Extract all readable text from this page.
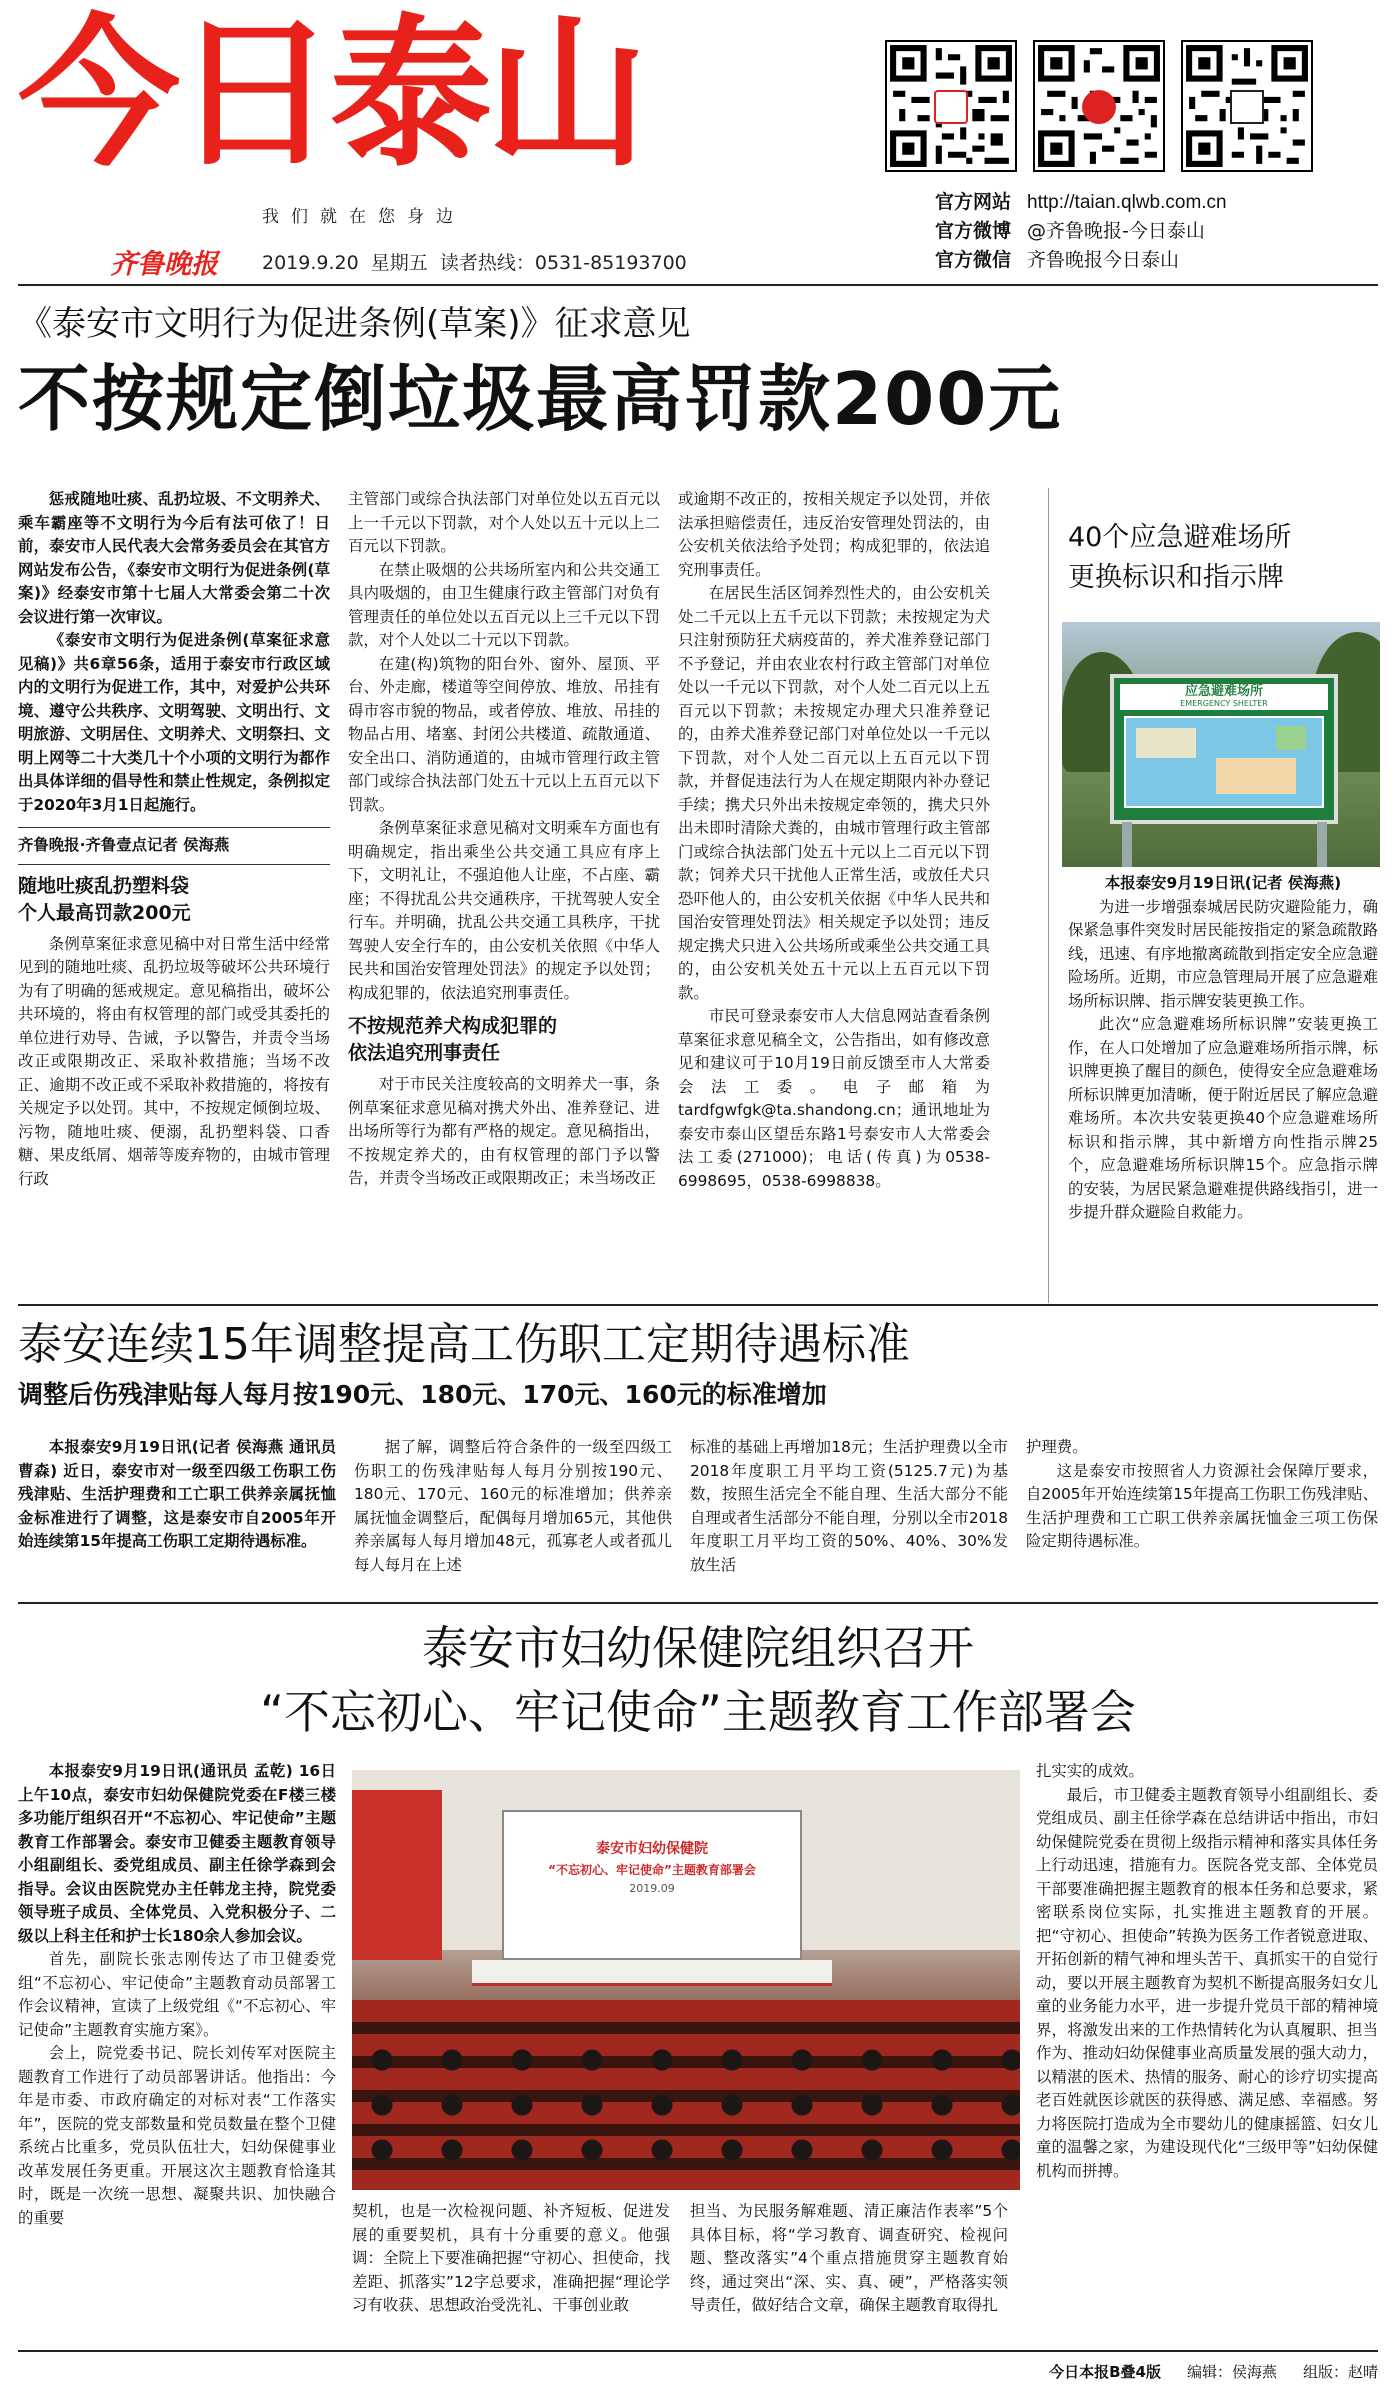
今日泰山
我们就在您身边
齐鲁晚报	2019.9.20  星期五  读者热线：0531-85193700
官方网站 http://taian.qlwb.com.cn
官方微博 @齐鲁晚报-今日泰山
官方微信 齐鲁晚报今日泰山
《泰安市文明行为促进条例(草案)》征求意见
不按规定倒垃圾最高罚款200元

惩戒随地吐痰、乱扔垃圾、不文明养犬、乘车霸座等不文明行为今后有法可依了！日前，泰安市人民代表大会常务委员会在其官方网站发布公告，《泰安市文明行为促进条例(草案)》经泰安市第十七届人大常委会第二十次会议进行第一次审议。

《泰安市文明行为促进条例(草案征求意见稿)》共6章56条，适用于泰安市行政区域内的文明行为促进工作，其中，对爱护公共环境、遵守公共秩序、文明驾驶、文明出行、文明旅游、文明居住、文明养犬、文明祭扫、文明上网等二十大类几十个小项的文明行为都作出具体详细的倡导性和禁止性规定，条例拟定于2020年3月1日起施行。

齐鲁晚报·齐鲁壹点记者 侯海燕

随地吐痰乱扔塑料袋
个人最高罚款200元

条例草案征求意见稿中对日常生活中经常见到的随地吐痰、乱扔垃圾等破坏公共环境行为有了明确的惩戒规定。意见稿指出，破坏公共环境的，将由有权管理的部门或受其委托的单位进行劝导、告诫，予以警告，并责令当场改正或限期改正、采取补救措施；当场不改正、逾期不改正或不采取补救措施的，将按有关规定予以处罚。其中，不按规定倾倒垃圾、污物，随地吐痰、便溺，乱扔塑料袋、口香糖、果皮纸屑、烟蒂等废弃物的，由城市管理行政

主管部门或综合执法部门对单位处以五百元以上一千元以下罚款，对个人处以五十元以上二百元以下罚款。

在禁止吸烟的公共场所室内和公共交通工具内吸烟的，由卫生健康行政主管部门对负有管理责任的单位处以五百元以上三千元以下罚款，对个人处以二十元以下罚款。

在建(构)筑物的阳台外、窗外、屋顶、平台、外走廊，楼道等空间停放、堆放、吊挂有碍市容市貌的物品，或者停放、堆放、吊挂的物品占用、堵塞、封闭公共楼道、疏散通道、安全出口、消防通道的，由城市管理行政主管部门或综合执法部门处五十元以上五百元以下罚款。

条例草案征求意见稿对文明乘车方面也有明确规定，指出乘坐公共交通工具应有序上下，文明礼让，不强迫他人让座，不占座、霸座；不得扰乱公共交通秩序，干扰驾驶人安全行车。并明确，扰乱公共交通工具秩序，干扰驾驶人安全行车的，由公安机关依照《中华人民共和国治安管理处罚法》的规定予以处罚；构成犯罪的，依法追究刑事责任。

不按规范养犬构成犯罪的
依法追究刑事责任

对于市民关注度较高的文明养犬一事，条例草案征求意见稿对携犬外出、准养登记、进出场所等行为都有严格的规定。意见稿指出，不按规定养犬的，由有权管理的部门予以警告，并责令当场改正或限期改正；未当场改正

或逾期不改正的，按相关规定予以处罚，并依法承担赔偿责任，违反治安管理处罚法的，由公安机关依法给予处罚；构成犯罪的，依法追究刑事责任。

在居民生活区饲养烈性犬的，由公安机关处二千元以上五千元以下罚款；未按规定为犬只注射预防狂犬病疫苗的，养犬准养登记部门不予登记，并由农业农村行政主管部门对单位处以一千元以下罚款，对个人处二百元以上五百元以下罚款；未按规定办理犬只准养登记的，由养犬准养登记部门对单位处以一千元以下罚款，对个人处二百元以上五百元以下罚款，并督促违法行为人在规定期限内补办登记手续；携犬只外出未按规定牵领的，携犬只外出未即时清除犬粪的，由城市管理行政主管部门或综合执法部门处五十元以上二百元以下罚款；饲养犬只干扰他人正常生活，或放任犬只恐吓他人的，由公安机关依据《中华人民共和国治安管理处罚法》相关规定予以处罚；违反规定携犬只进入公共场所或乘坐公共交通工具的，由公安机关处五十元以上五百元以下罚款。

市民可登录泰安市人大信息网站查看条例草案征求意见稿全文，公告指出，如有修改意见和建议可于10月19日前反馈至市人大常委会法工委。电子邮箱为tardfgwfgk@ta.shandong.cn；通讯地址为泰安市泰山区望岳东路1号泰安市人大常委会法工委(271000)；电话(传真)为0538-6998695，0538-6998838。

40个应急避难场所
更换标识和指示牌
应急避难场所
EMERGENCY SHELTER

本报泰安9月19日讯(记者 侯海燕)

为进一步增强泰城居民防灾避险能力，确保紧急事件突发时居民能按指定的紧急疏散路线，迅速、有序地撤离疏散到指定安全应急避险场所。近期，市应急管理局开展了应急避难场所标识牌、指示牌安装更换工作。

此次“应急避难场所标识牌”安装更换工作，在人口处增加了应急避难场所指示牌，标识牌更换了醒目的颜色，使得安全应急避难场所标识牌更加清晰，便于附近居民了解应急避难场所。本次共安装更换40个应急避难场所标识和指示牌，其中新增方向性指示牌25个，应急避难场所标识牌15个。应急指示牌的安装，为居民紧急避难提供路线指引，进一步提升群众避险自救能力。

泰安连续15年调整提高工伤职工定期待遇标准
调整后伤残津贴每人每月按190元、180元、170元、160元的标准增加

本报泰安9月19日讯(记者 侯海燕 通讯员 曹森) 近日，泰安市对一级至四级工伤职工伤残津贴、生活护理费和工亡职工供养亲属抚恤金标准进行了调整，这是泰安市自2005年开始连续第15年提高工伤职工定期待遇标准。

据了解，调整后符合条件的一级至四级工伤职工的伤残津贴每人每月分别按190元、180元、170元、160元的标准增加；供养亲属抚恤金调整后，配偶每月增加65元，其他供养亲属每人每月增加48元，孤寡老人或者孤儿每人每月在上述

标准的基础上再增加18元；生活护理费以全市2018年度职工月平均工资(5125.7元)为基数，按照生活完全不能自理、生活大部分不能自理或者生活部分不能自理，分别以全市2018年度职工月平均工资的50%、40%、30%发放生活

护理费。

这是泰安市按照省人力资源社会保障厅要求，自2005年开始连续第15年提高工伤职工伤残津贴、生活护理费和工亡职工供养亲属抚恤金三项工伤保险定期待遇标准。

泰安市妇幼保健院组织召开
“不忘初心、牢记使命”主题教育工作部署会

本报泰安9月19日讯(通讯员 孟乾) 16日上午10点，泰安市妇幼保健院党委在F楼三楼多功能厅组织召开“不忘初心、牢记使命”主题教育工作部署会。泰安市卫健委主题教育领导小组副组长、委党组成员、副主任徐学森到会指导。会议由医院党办主任韩龙主持，院党委领导班子成员、全体党员、入党积极分子、二级以上科主任和护士长180余人参加会议。

首先，副院长张志刚传达了市卫健委党组“不忘初心、牢记使命”主题教育动员部署工作会议精神，宣读了上级党组《“不忘初心、牢记使命”主题教育实施方案》。

会上，院党委书记、院长刘传军对医院主题教育工作进行了动员部署讲话。他指出：今年是市委、市政府确定的对标对表“工作落实年”，医院的党支部数量和党员数量在整个卫健系统占比重多，党员队伍壮大，妇幼保健事业改革发展任务更重。开展这次主题教育恰逢其时，既是一次统一思想、凝聚共识、加快融合的重要

泰安市妇幼保健院
“不忘初心、牢记使命”主题教育部署会
2019.09

契机，也是一次检视问题、补齐短板、促进发展的重要契机，具有十分重要的意义。他强调：全院上下要准确把握“守初心、担使命，找差距、抓落实”12字总要求，准确把握“理论学习有收获、思想政治受洗礼、干事创业敢

担当、为民服务解难题、清正廉洁作表率”5个具体目标，将“学习教育、调查研究、检视问题、整改落实”4个重点措施贯穿主题教育始终，通过突出“深、实、真、硬”，严格落实领导责任，做好结合文章，确保主题教育取得扎

扎实实的成效。

最后，市卫健委主题教育领导小组副组长、委党组成员、副主任徐学森在总结讲话中指出，市妇幼保健院党委在贯彻上级指示精神和落实具体任务上行动迅速，措施有力。医院各党支部、全体党员干部要准确把握主题教育的根本任务和总要求，紧密联系岗位实际，扎实推进主题教育的开展。把“守初心、担使命”转换为医务工作者锐意进取、开拓创新的精气神和埋头苦干、真抓实干的自觉行动，要以开展主题教育为契机不断提高服务妇女儿童的业务能力水平，进一步提升党员干部的精神境界，将激发出来的工作热情转化为认真履职、担当作为、推动妇幼保健事业高质量发展的强大动力，以精湛的医术、热情的服务、耐心的诊疗切实提高老百姓就医诊就医的获得感、满足感、幸福感。努力将医院打造成为全市婴幼儿的健康摇篮、妇女儿童的温馨之家，为建设现代化“三级甲等”妇幼保健机构而拼搏。

今日本报B叠4版 编辑：侯海燕 组版：赵晴
